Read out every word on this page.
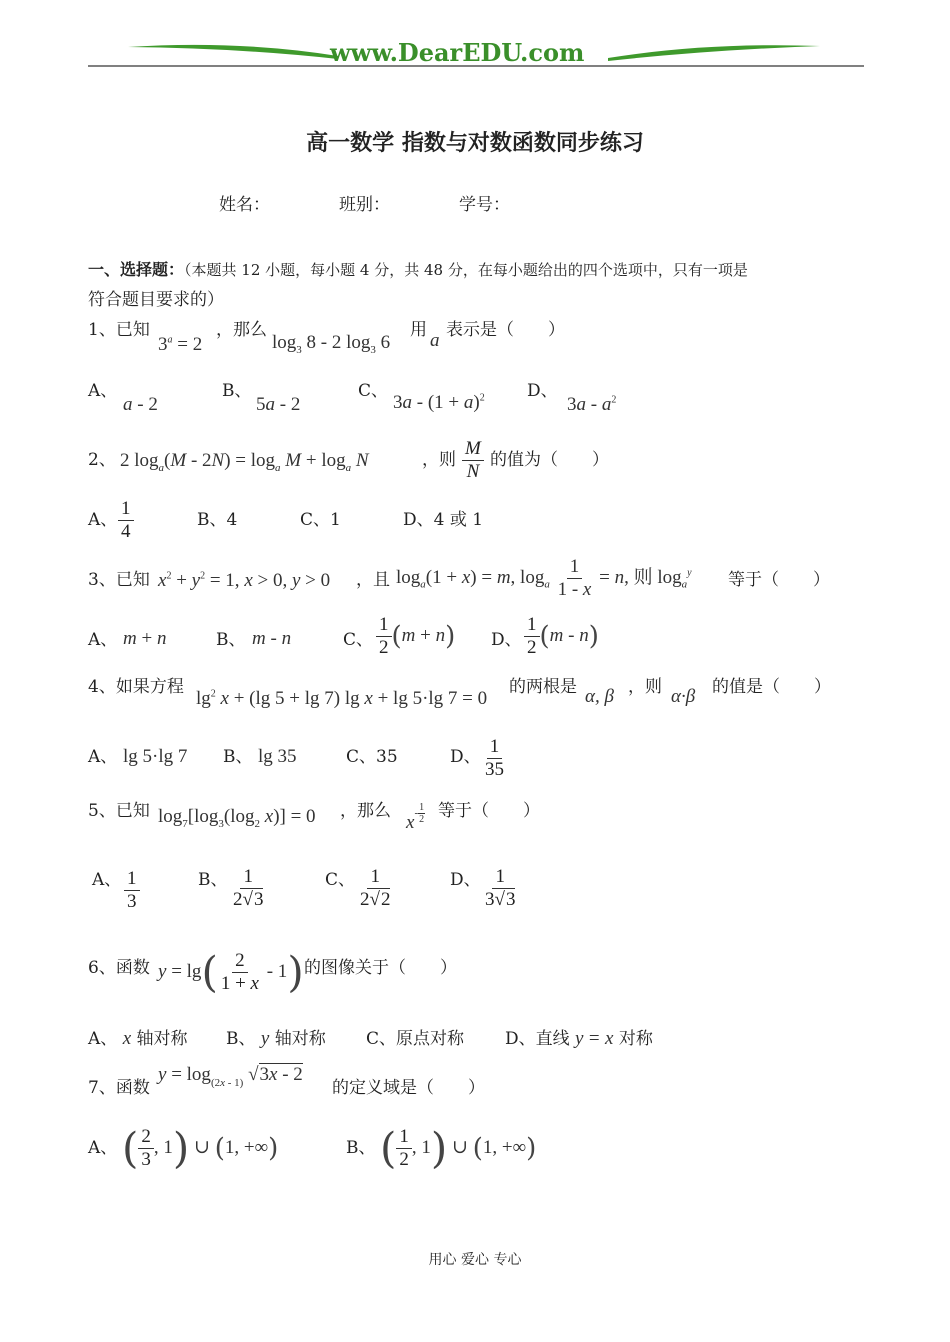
www.DearEDU.com
高一数学 指数与对数函数同步练习
姓名：	班别：	学号：
一、选择题：（本题共 12 小题，每小题 4 分，共 48 分，在每小题给出的四个选项中，只有一项是
符合题目要求的）
1、已知
$3^a = 2$
，那么
$\log_3 8 - 2$ $\log_3 6$
用 a 表示是（　　）
A、
a - 2
B、
5a - 2
C、
$3a - (1 + a)^2$ D、
$3a - a^2$
2、 2 $\log_a(M - 2N) = \log_a M + \log_a N$	，则 $\frac{M}{N}$ 的值为（　　）
A、 $\frac{1}{4}$	B、4	C、1	D、4 或 1
3、已知 $x^2 + y^2 = 1$, x > 0, y > 0 ，且 $\log_a(1 + x) = m$, $\log_a \frac{1}{1 - x} = n$, 则 $\log_a^y$ 等于（　　）
A、 m + n	B、 m - n	C、 $\frac{1}{2} (m + n)$ D、 $\frac{1}{2} (m - n)$
4、如果方程
$\lg^2 x + (\lg$ 5 + lg 7) lg x + lg 5·lg 7 = 0
的两根是 α, β ，则 α·β 的值是（　　）
A、 lg 5·lg 7 B、 lg 35	C、35	D、 $\frac{1}{35}$
5、已知 $\log_7[\log_3(\log_2$ x)] = 0 ，那么
$x^- \frac{1}{2}$ 等于（　　）
A、 $\frac{1}{3}$	B、 $\frac{1}{2√3}$	C、 $\frac{1}{2√2}$	D、 $\frac{1}{3√3}$
6、函数 $y = \lg( \frac{2}{1 + x} - 1)$ 的图像关于（　　）
A、 x 轴对称 B、 y 轴对称 C、原点对称 D、直线 y = x 对称
7、函数
$y = \log_{(2x - 1)} √3x - 2$
的定义域是（　　）
A、 ( $\frac{2}{3}$ , 1) ∪ (1, +∞)	B、 ( $\frac{1}{2}$ , 1) ∪ (1, +∞)
用心 爱心 专心
